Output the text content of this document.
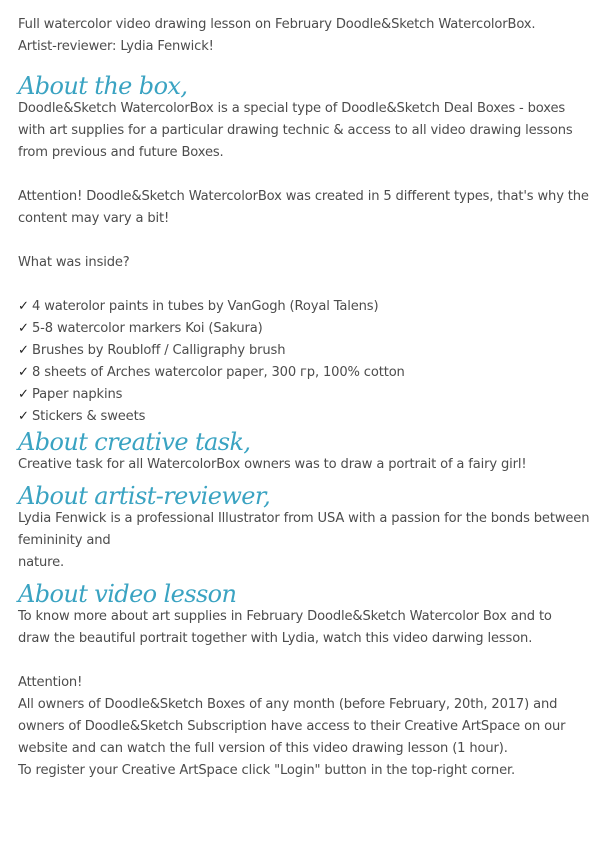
Full watercolor video drawing lesson on February Doodle&Sketch WatercolorBox.
Artist-reviewer: Lydia Fenwick!
About the box,
Doodle&Sketch WatercolorBox is a special type of Doodle&Sketch Deal Boxes - boxes
with art supplies for a particular drawing technic & access to all video drawing lessons
from previous and future Boxes.
Attention! Doodle&Sketch WatercolorBox was created in 5 different types, that's why the
content may vary a bit!
What was inside?
✓ 4 waterolor paints in tubes by VanGogh (Royal Talens)
✓ 5-8 watercolor markers Koi (Sakura)
✓ Brushes by Roubloff / Calligraphy brush
✓ 8 sheets of Arches watercolor paper, 300 гр, 100% cotton
✓ Paper napkins
✓ Stickers & sweets
About creative task,
Creative task for all WatercolorBox owners was to draw a portrait of a fairy girl!
About artist-reviewer,
Lydia Fenwick is a professional Illustrator from USA with a passion for the bonds between
femininity and
nature.
About video lesson
To know more about art supplies in February Doodle&Sketch Watercolor Box and to
draw the beautiful portrait together with Lydia, watch this video darwing lesson.
Attention!
All owners of Doodle&Sketch Boxes of any month (before February, 20th, 2017) and
owners of Doodle&Sketch Subscription have access to their Creative ArtSpace on our
website and can watch the full version of this video drawing lesson (1 hour).
To register your Creative ArtSpace click "Login" button in the top-right corner.
